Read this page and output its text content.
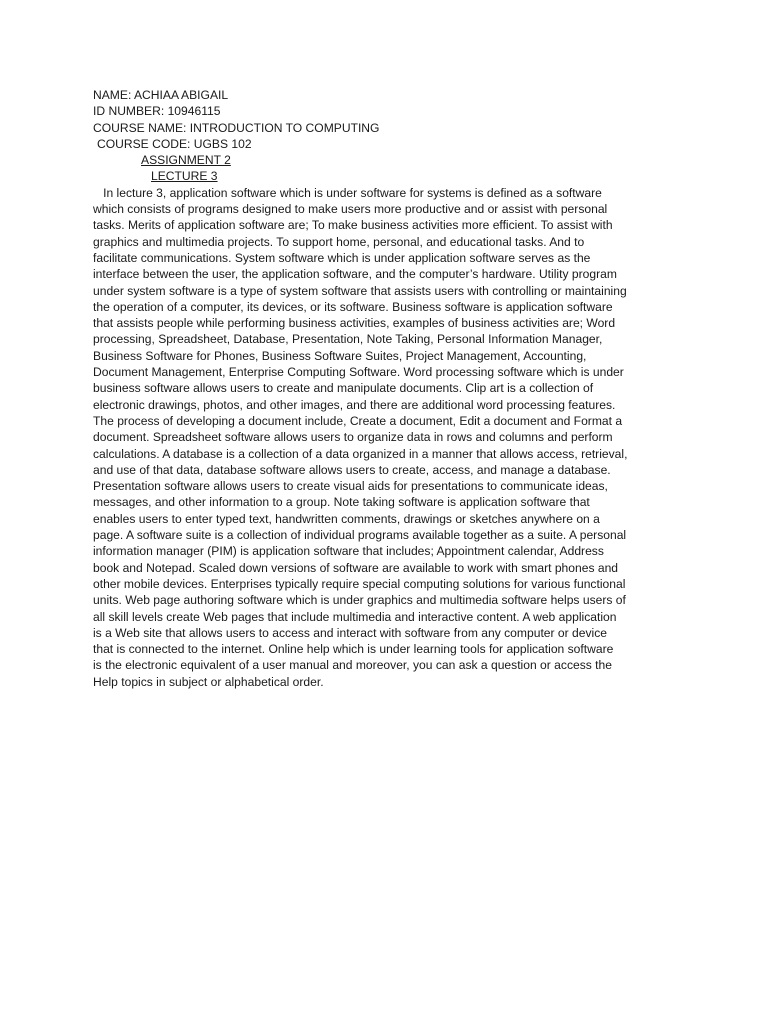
NAME: ACHIAA ABIGAIL
ID NUMBER: 10946115
COURSE NAME: INTRODUCTION TO COMPUTING
COURSE CODE: UGBS 102
ASSIGNMENT 2
LECTURE 3
In lecture 3, application software which is under software for systems is defined as a software
which consists of programs designed to make users more productive and or assist with personal
tasks. Merits of application software are; To make business activities more efficient. To assist with
graphics and multimedia projects. To support home, personal, and educational tasks. And to
facilitate communications. System software which is under application software serves as the
interface between the user, the application software, and the computer’s hardware. Utility program
under system software is a type of system software that assists users with controlling or maintaining
the operation of a computer, its devices, or its software. Business software is application software
that assists people while performing business activities, examples of business activities are; Word
processing, Spreadsheet, Database, Presentation, Note Taking, Personal Information Manager,
Business Software for Phones, Business Software Suites, Project Management, Accounting,
Document Management, Enterprise Computing Software. Word processing software which is under
business software allows users to create and manipulate documents. Clip art is a collection of
electronic drawings, photos, and other images, and there are additional word processing features.
The process of developing a document include, Create a document, Edit a document and Format a
document. Spreadsheet software allows users to organize data in rows and columns and perform
calculations. A database is a collection of a data organized in a manner that allows access, retrieval,
and use of that data, database software allows users to create, access, and manage a database.
Presentation software allows users to create visual aids for presentations to communicate ideas,
messages, and other information to a group. Note taking software is application software that
enables users to enter typed text, handwritten comments, drawings or sketches anywhere on a
page. A software suite is a collection of individual programs available together as a suite. A personal
information manager (PIM) is application software that includes; Appointment calendar, Address
book and Notepad. Scaled down versions of software are available to work with smart phones and
other mobile devices. Enterprises typically require special computing solutions for various functional
units. Web page authoring software which is under graphics and multimedia software helps users of
all skill levels create Web pages that include multimedia and interactive content. A web application
is a Web site that allows users to access and interact with software from any computer or device
that is connected to the internet. Online help which is under learning tools for application software
is the electronic equivalent of a user manual and moreover, you can ask a question or access the
Help topics in subject or alphabetical order.
